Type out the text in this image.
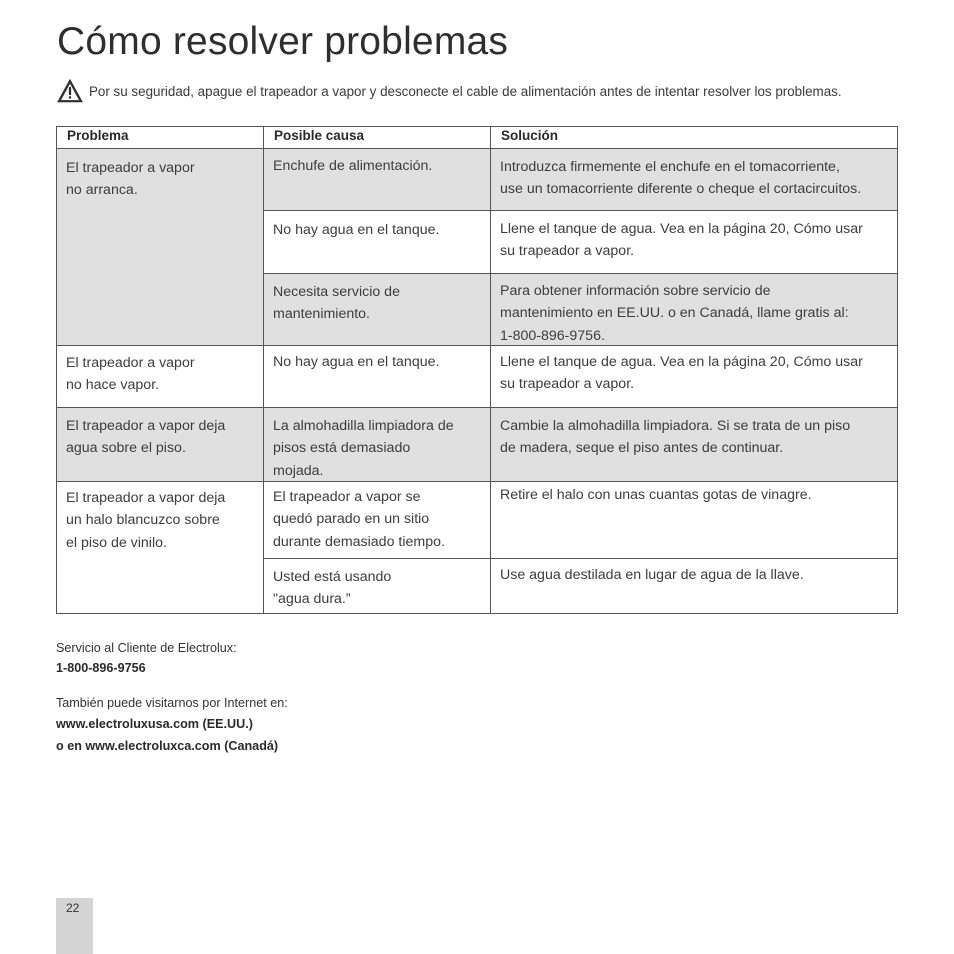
Cómo resolver problemas
Por su seguridad, apague el trapeador a vapor y desconecte el cable de alimentación antes de intentar resolver los problemas.
Problema	Posible causa	Solución
El trapeador a vapor
no arranca.
El trapeador a vapor
no hace vapor.
El trapeador a vapor deja
agua sobre el piso.
El trapeador a vapor deja
un halo blancuzco sobre
el piso de vinilo.
Enchufe de alimentación.
No hay agua en el tanque.
Necesita servicio de
mantenimiento.
No hay agua en el tanque.
La almohadilla limpiadora de
pisos está demasiado
mojada.
El trapeador a vapor se
quedó parado en un sitio
durante demasiado tiempo.
Usted está usando
"agua dura.”
Introduzca firmemente el enchufe en el tomacorriente,
use un tomacorriente diferente o cheque el cortacircuitos.
Llene el tanque de agua. Vea en la página 20, Cómo usar
su trapeador a vapor.
Para obtener información sobre servicio de
mantenimiento en EE.UU. o en Canadá, llame gratis al:
1-800-896-9756.
Llene el tanque de agua. Vea en la página 20, Cómo usar
su trapeador a vapor.
Cambie la almohadilla limpiadora. Si se trata de un piso
de madera, seque el piso antes de continuar.
Retire el halo con unas cuantas gotas de vinagre.
Use agua destilada en lugar de agua de la llave.
Servicio al Cliente de Electrolux:
1-800-896-9756
También puede visitarnos por Internet en:
www.electroluxusa.com (EE.UU.)
o en www.electroluxca.com (Canadá)
22
